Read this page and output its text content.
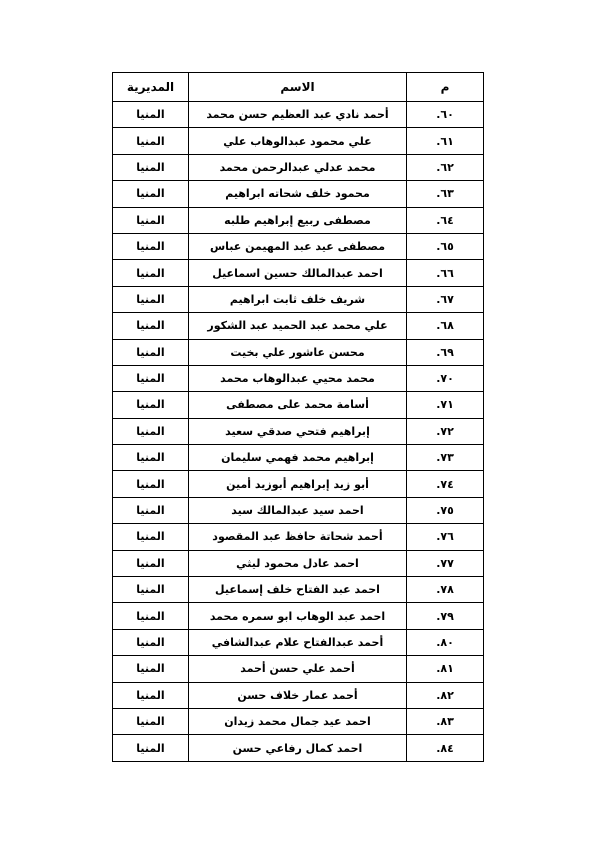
م	الاسم	المديرية
٦٠.	أحمد نادي عبد العظيم حسن محمد	المنيا
٦١.	علي محمود عبدالوهاب علي	المنيا
٦٢.	محمد عدلي عبدالرحمن محمد	المنيا
٦٣.	محمود خلف شحاته ابراهيم	المنيا
٦٤.	مصطفى ربيع إبراهيم طلبه	المنيا
٦٥.	مصطفى عيد عبد المهيمن عباس	المنيا
٦٦.	احمد عبدالمالك حسين اسماعيل	المنيا
٦٧.	شريف خلف ثابت ابراهيم	المنيا
٦٨.	علي محمد عبد الحميد عبد الشكور	المنيا
٦٩.	محسن عاشور علي بخيت	المنيا
٧٠.	محمد محيي عبدالوهاب محمد	المنيا
٧١.	أسامة محمد على مصطفى	المنيا
٧٢.	إبراهيم فتحي صدقي سعيد	المنيا
٧٣.	إبراهيم محمد فهمي سليمان	المنيا
٧٤.	أبو زيد إبراهيم أبوزيد أمين	المنيا
٧٥.	احمد سيد عبدالمالك سيد	المنيا
٧٦.	أحمد شحاتة حافظ عبد المقصود	المنيا
٧٧.	احمد عادل محمود ليثي	المنيا
٧٨.	احمد عبد الفتاح خلف إسماعيل	المنيا
٧٩.	احمد عبد الوهاب ابو سمره محمد	المنيا
٨٠.	أحمد عبدالفتاح علام عبدالشافي	المنيا
٨١.	أحمد علي حسن أحمد	المنيا
٨٢.	أحمد عمار خلاف حسن	المنيا
٨٣.	احمد عيد جمال محمد زيدان	المنيا
٨٤.	احمد كمال رفاعي حسن	المنيا
